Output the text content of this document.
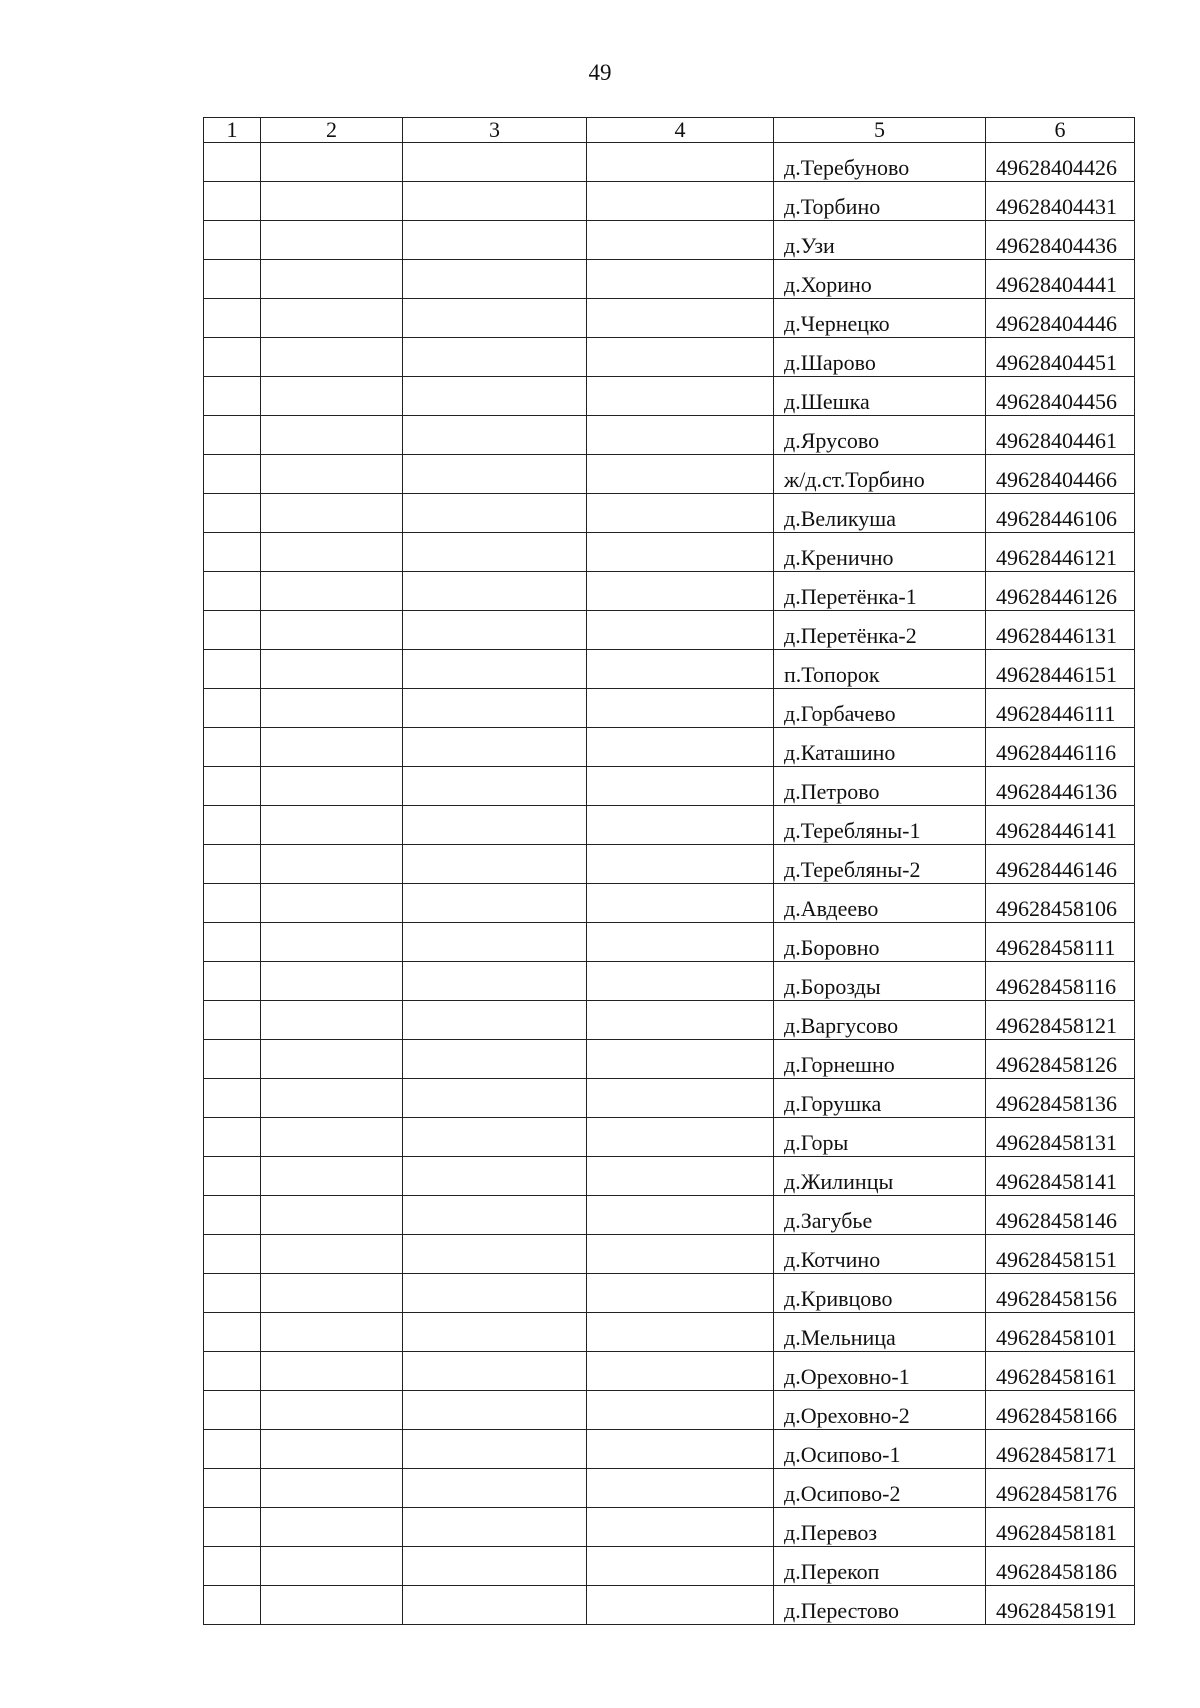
49
1	2	3	4	5	6
				д.Теребуново	49628404426
				д.Торбино	49628404431
				д.Узи	49628404436
				д.Хорино	49628404441
				д.Чернецко	49628404446
				д.Шарово	49628404451
				д.Шешка	49628404456
				д.Ярусово	49628404461
				ж/д.ст.Торбино	49628404466
				д.Великуша	49628446106
				д.Кренично	49628446121
				д.Перетёнка-1	49628446126
				д.Перетёнка-2	49628446131
				п.Топорок	49628446151
				д.Горбачево	49628446111
				д.Каташино	49628446116
				д.Петрово	49628446136
				д.Теребляны-1	49628446141
				д.Теребляны-2	49628446146
				д.Авдеево	49628458106
				д.Боровно	49628458111
				д.Борозды	49628458116
				д.Варгусово	49628458121
				д.Горнешно	49628458126
				д.Горушка	49628458136
				д.Горы	49628458131
				д.Жилинцы	49628458141
				д.Загубье	49628458146
				д.Котчино	49628458151
				д.Кривцово	49628458156
				д.Мельница	49628458101
				д.Ореховно-1	49628458161
				д.Ореховно-2	49628458166
				д.Осипово-1	49628458171
				д.Осипово-2	49628458176
				д.Перевоз	49628458181
				д.Перекоп	49628458186
				д.Перестово	49628458191
